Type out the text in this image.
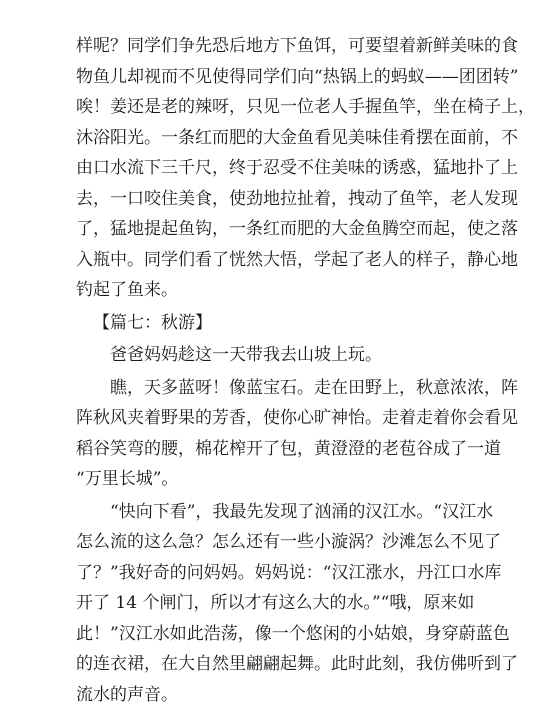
样呢？同学们争先恐后地方下鱼饵，可要望着新鲜美味的食
物鱼儿却视而不见使得同学们向“热锅上的蚂蚁——团团转”
唉！姜还是老的辣呀，只见一位老人手握鱼竿，坐在椅子上，
沐浴阳光。一条红而肥的大金鱼看见美味佳肴摆在面前，不
由口水流下三千尺，终于忍受不住美味的诱惑，猛地扑了上
去，一口咬住美食，使劲地拉扯着，拽动了鱼竿，老人发现
了，猛地提起鱼钩，一条红而肥的大金鱼腾空而起，使之落
入瓶中。同学们看了恍然大悟，学起了老人的样子，静心地
钓起了鱼来。
【篇七：秋游】
爸爸妈妈趁这一天带我去山坡上玩。
瞧，天多蓝呀！像蓝宝石。走在田野上，秋意浓浓，阵
阵秋风夹着野果的芳香，使你心旷神怡。走着走着你会看见
稻谷笑弯的腰，棉花榨开了包，黄澄澄的老苞谷成了一道
“万里长城”。
“快向下看”，我最先发现了汹涌的汉江水。“汉江水
怎么流的这么急？怎么还有一些小漩涡？沙滩怎么不见了
了？”我好奇的问妈妈。妈妈说：“汉江涨水，丹江口水库
开了 14 个闸门，所以才有这么大的水。”“哦，原来如
此！”汉江水如此浩荡，像一个悠闲的小姑娘，身穿蔚蓝色
的连衣裙，在大自然里翩翩起舞。此时此刻，我仿佛听到了
流水的声音。
